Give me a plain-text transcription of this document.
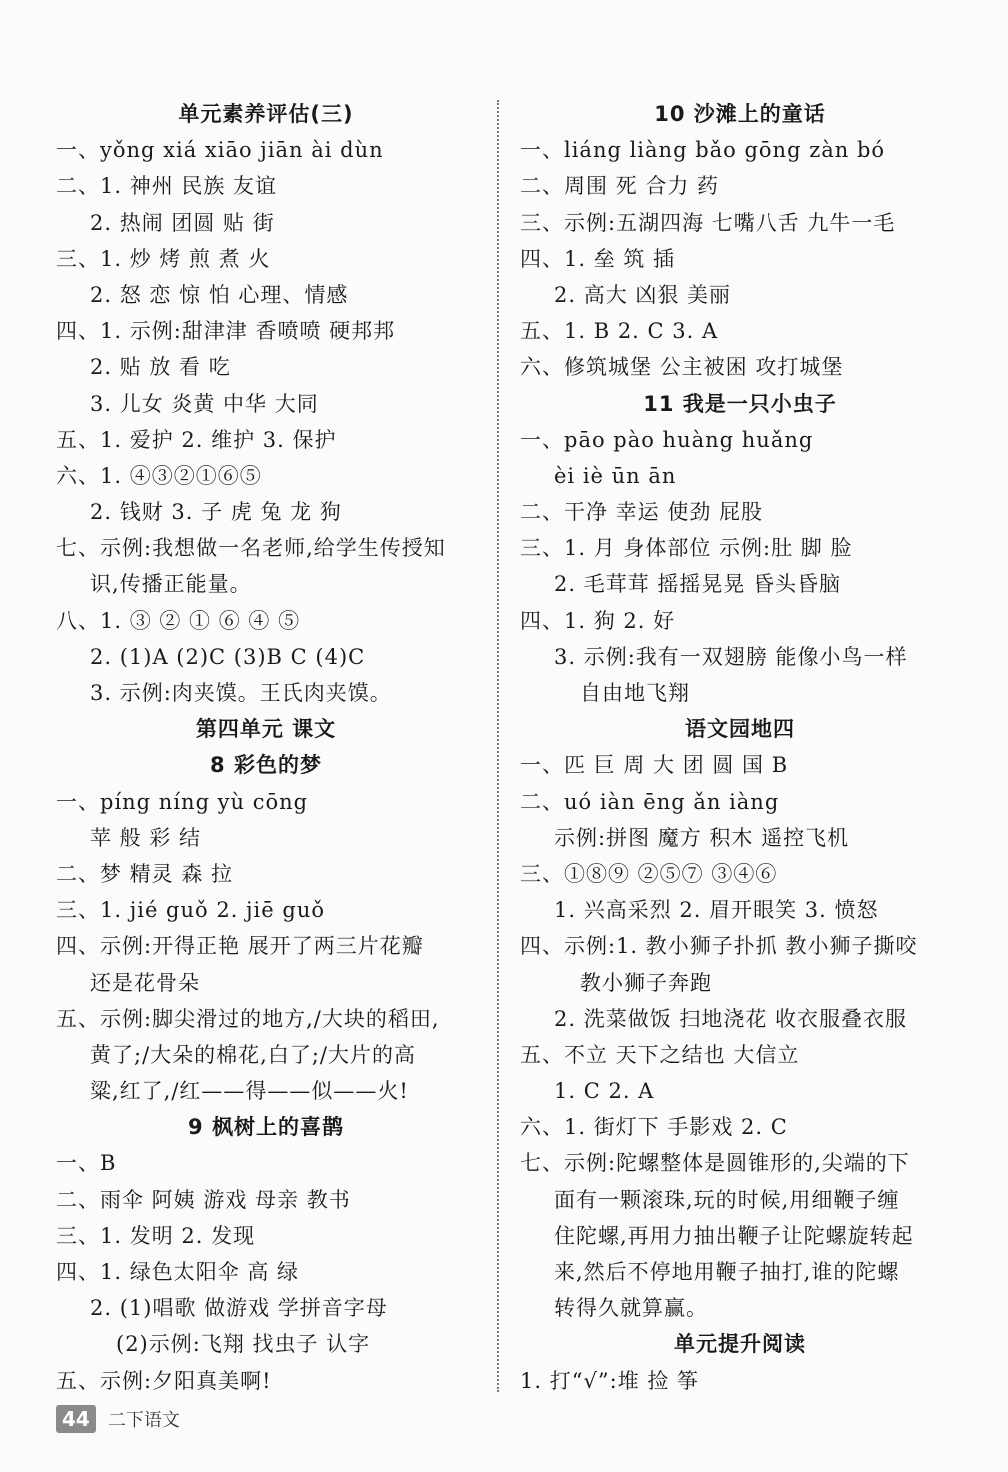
单元素养评估(三)
一、yǒng xiá xiāo jiān ài dùn
二、1. 神州 民族 友谊
2. 热闹 团圆 贴 街
三、1. 炒 烤 煎 煮 火
2. 怒 恋 惊 怕 心理、情感
四、1. 示例:甜津津 香喷喷 硬邦邦
2. 贴 放 看 吃
3. 儿女 炎黄 中华 大同
五、1. 爱护 2. 维护 3. 保护
六、1. ④③②①⑥⑤
2. 钱财 3. 子 虎 兔 龙 狗
七、示例:我想做一名老师,给学生传授知
识,传播正能量。
八、1. ③ ② ① ⑥ ④ ⑤
2. (1)A (2)C (3)B C (4)C
3. 示例:肉夹馍。王氏肉夹馍。
第四单元 课文
8 彩色的梦
一、píng níng yù cōng
苹 般 彩 结
二、梦 精灵 森 拉
三、1. jié guǒ 2. jiē guǒ
四、示例:开得正艳 展开了两三片花瓣
还是花骨朵
五、示例:脚尖滑过的地方,/大块的稻田,
黄了;/大朵的棉花,白了;/大片的高
粱,红了,/红——得——似——火!
9 枫树上的喜鹊
一、B
二、雨伞 阿姨 游戏 母亲 教书
三、1. 发明 2. 发现
四、1. 绿色太阳伞 高 绿
2. (1)唱歌 做游戏 学拼音字母
(2)示例:飞翔 找虫子 认字
五、示例:夕阳真美啊!
10 沙滩上的童话
一、liáng liàng bǎo gōng zàn bó
二、周围 死 合力 药
三、示例:五湖四海 七嘴八舌 九牛一毛
四、1. 垒 筑 插
2. 高大 凶狠 美丽
五、1. B 2. C 3. A
六、修筑城堡 公主被困 攻打城堡
11 我是一只小虫子
一、pāo pào huàng huǎng
èi iè ūn ān
二、干净 幸运 使劲 屁股
三、1. 月 身体部位 示例:肚 脚 脸
2. 毛茸茸 摇摇晃晃 昏头昏脑
四、1. 狗 2. 好
3. 示例:我有一双翅膀 能像小鸟一样
自由地飞翔
语文园地四
一、匹 巨 周 大 团 圆 国 B
二、uó iàn ēng ǎn iàng
示例:拼图 魔方 积木 遥控飞机
三、①⑧⑨ ②⑤⑦ ③④⑥
1. 兴高采烈 2. 眉开眼笑 3. 愤怒
四、示例:1. 教小狮子扑抓 教小狮子撕咬
教小狮子奔跑
2. 洗菜做饭 扫地浇花 收衣服叠衣服
五、不立 天下之结也 大信立
1. C 2. A
六、1. 街灯下 手影戏 2. C
七、示例:陀螺整体是圆锥形的,尖端的下
面有一颗滚珠,玩的时候,用细鞭子缠
住陀螺,再用力抽出鞭子让陀螺旋转起
来,然后不停地用鞭子抽打,谁的陀螺
转得久就算赢。
单元提升阅读
1. 打“√”:堆 捡 筝
44	二下语文
